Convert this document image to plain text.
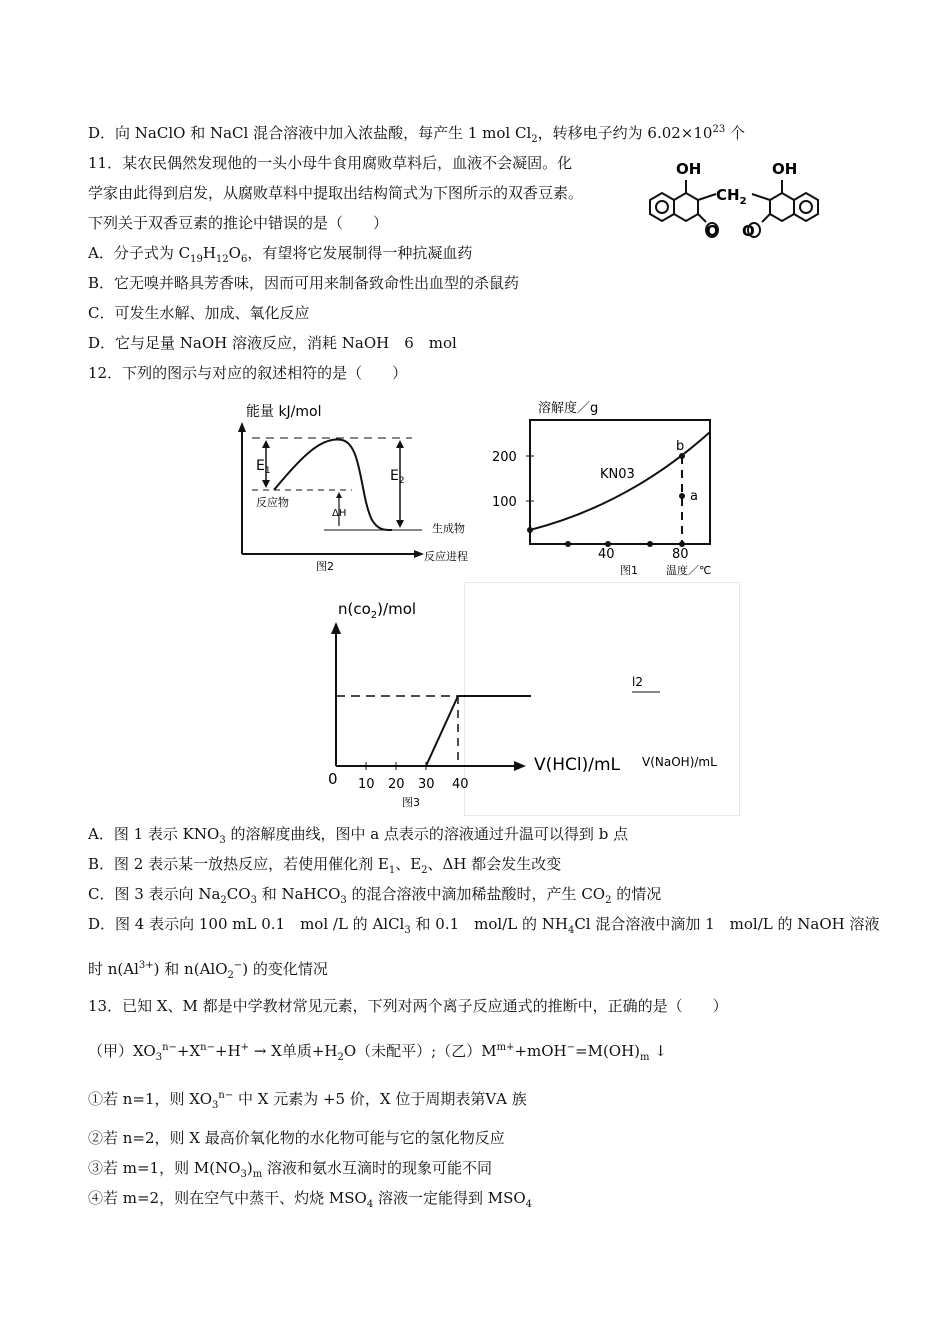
D．向 NaClO 和 NaCl 混合溶液中加入浓盐酸，每产生 1 mol $Cl_2$，转移电子约为 $6.02\times 10^{23}$ 个
11．某农民偶然发现他的一头小母牛食用腐败草料后，血液不会凝固。化
学家由此得到启发，从腐败草料中提取出结构简式为下图所示的双香豆素。
下列关于双香豆素的推论中错误的是（　　）
A．分子式为 $C_{19}H_{12}O_6$，有望将它发展制得一种抗凝血药
B．它无嗅并略具芳香味，因而可用来制备致命性出血型的杀鼠药
C．可发生水解、加成、氧化反应
D．它与足量 NaOH 溶液反应，消耗 NaOH　6　mol
OH	OH
$CH_2$
O O
12．下列的图示与对应的叙述相符的是（　　）
能量 kJ/mol
$E_1$	$E_2$
反应物
ΔH
生成物
反应进程
图2
溶解度／g
200
100
40	80
b
a
KN03
图1	温度／℃
$n(co_2)$/mol
0 10 20 30 40
V(HCl)/mL
图3
l2
V(NaOH)/mL
A．图 1 表示 $KNO_3$ 的溶解度曲线，图中 a 点表示的溶液通过升温可以得到 b 点
B．图 2 表示某一放热反应，若使用催化剂 $E_1$、$E_2$、ΔH 都会发生改变
C．图 3 表示向 $Na_2CO_3$ 和 NaHCO$_3$ 的混合溶液中滴加稀盐酸时，产生 $CO_2$ 的情况
D．图 4 表示向 100 mL 0.1　mol /L 的 AlCl$_3$ 和 0.1　mol/L 的 $NH_4Cl$ 混合溶液中滴加 1　mol/L 的 NaOH 溶液
时 $n(Al^{3+})$ 和 n(AlO$_2$−) 的变化情况
13．已知 X、M 都是中学教材常见元素，下列对两个离子反应通式的推断中，正确的是（　　）
（甲）$XO_3^{n-}+X^{n-}+H^+ \to X$单质$+H_2O$（未配平）;（乙）$M^{m+}+mOH^-=M(OH)_m$ ↓
①若 n=1，则 $XO_3^{n-}$ 中 X 元素为 +5 价，X 位于周期表第ⅤA 族
②若 n=2，则 X 最高价氧化物的水化物可能与它的氢化物反应
③若 m=1，则 $M(NO_3)_m$ 溶液和氨水互滴时的现象可能不同
④若 m=2，则在空气中蒸干、灼烧 $MSO_4$ 溶液一定能得到 $MSO_4$
